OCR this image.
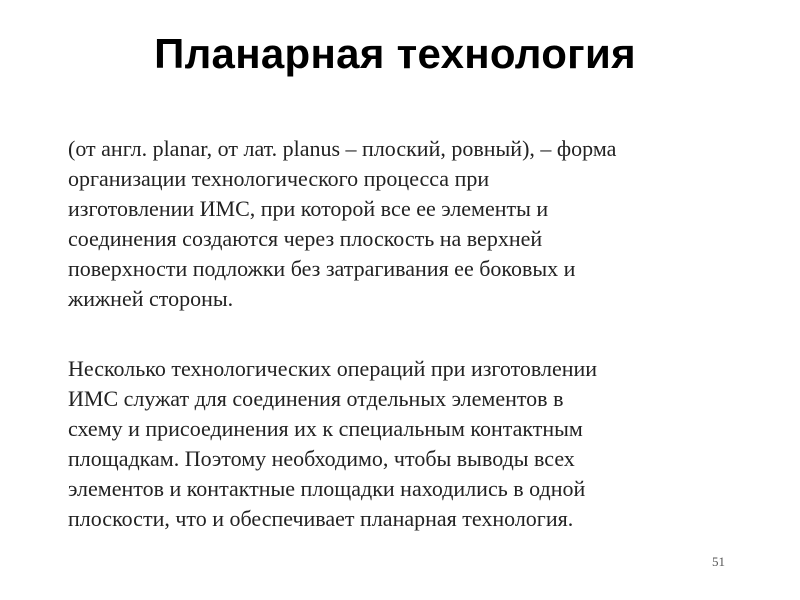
Планарная технология
(от англ. planar, от лат. planus – плоский, ровный), – форма
организации технологического процесса при
изготовлении ИМС, при которой все ее элементы и
соединения создаются через плоскость на верхней
поверхности подложки без затрагивания ее боковых и
жижней стороны.
Несколько технологических операций при изготовлении
ИМС служат для соединения отдельных элементов в
схему и присоединения их к специальным контактным
площадкам. Поэтому необходимо, чтобы выводы всех
элементов и контактные площадки находились в одной
плоскости, что и обеспечивает планарная технология.
51
